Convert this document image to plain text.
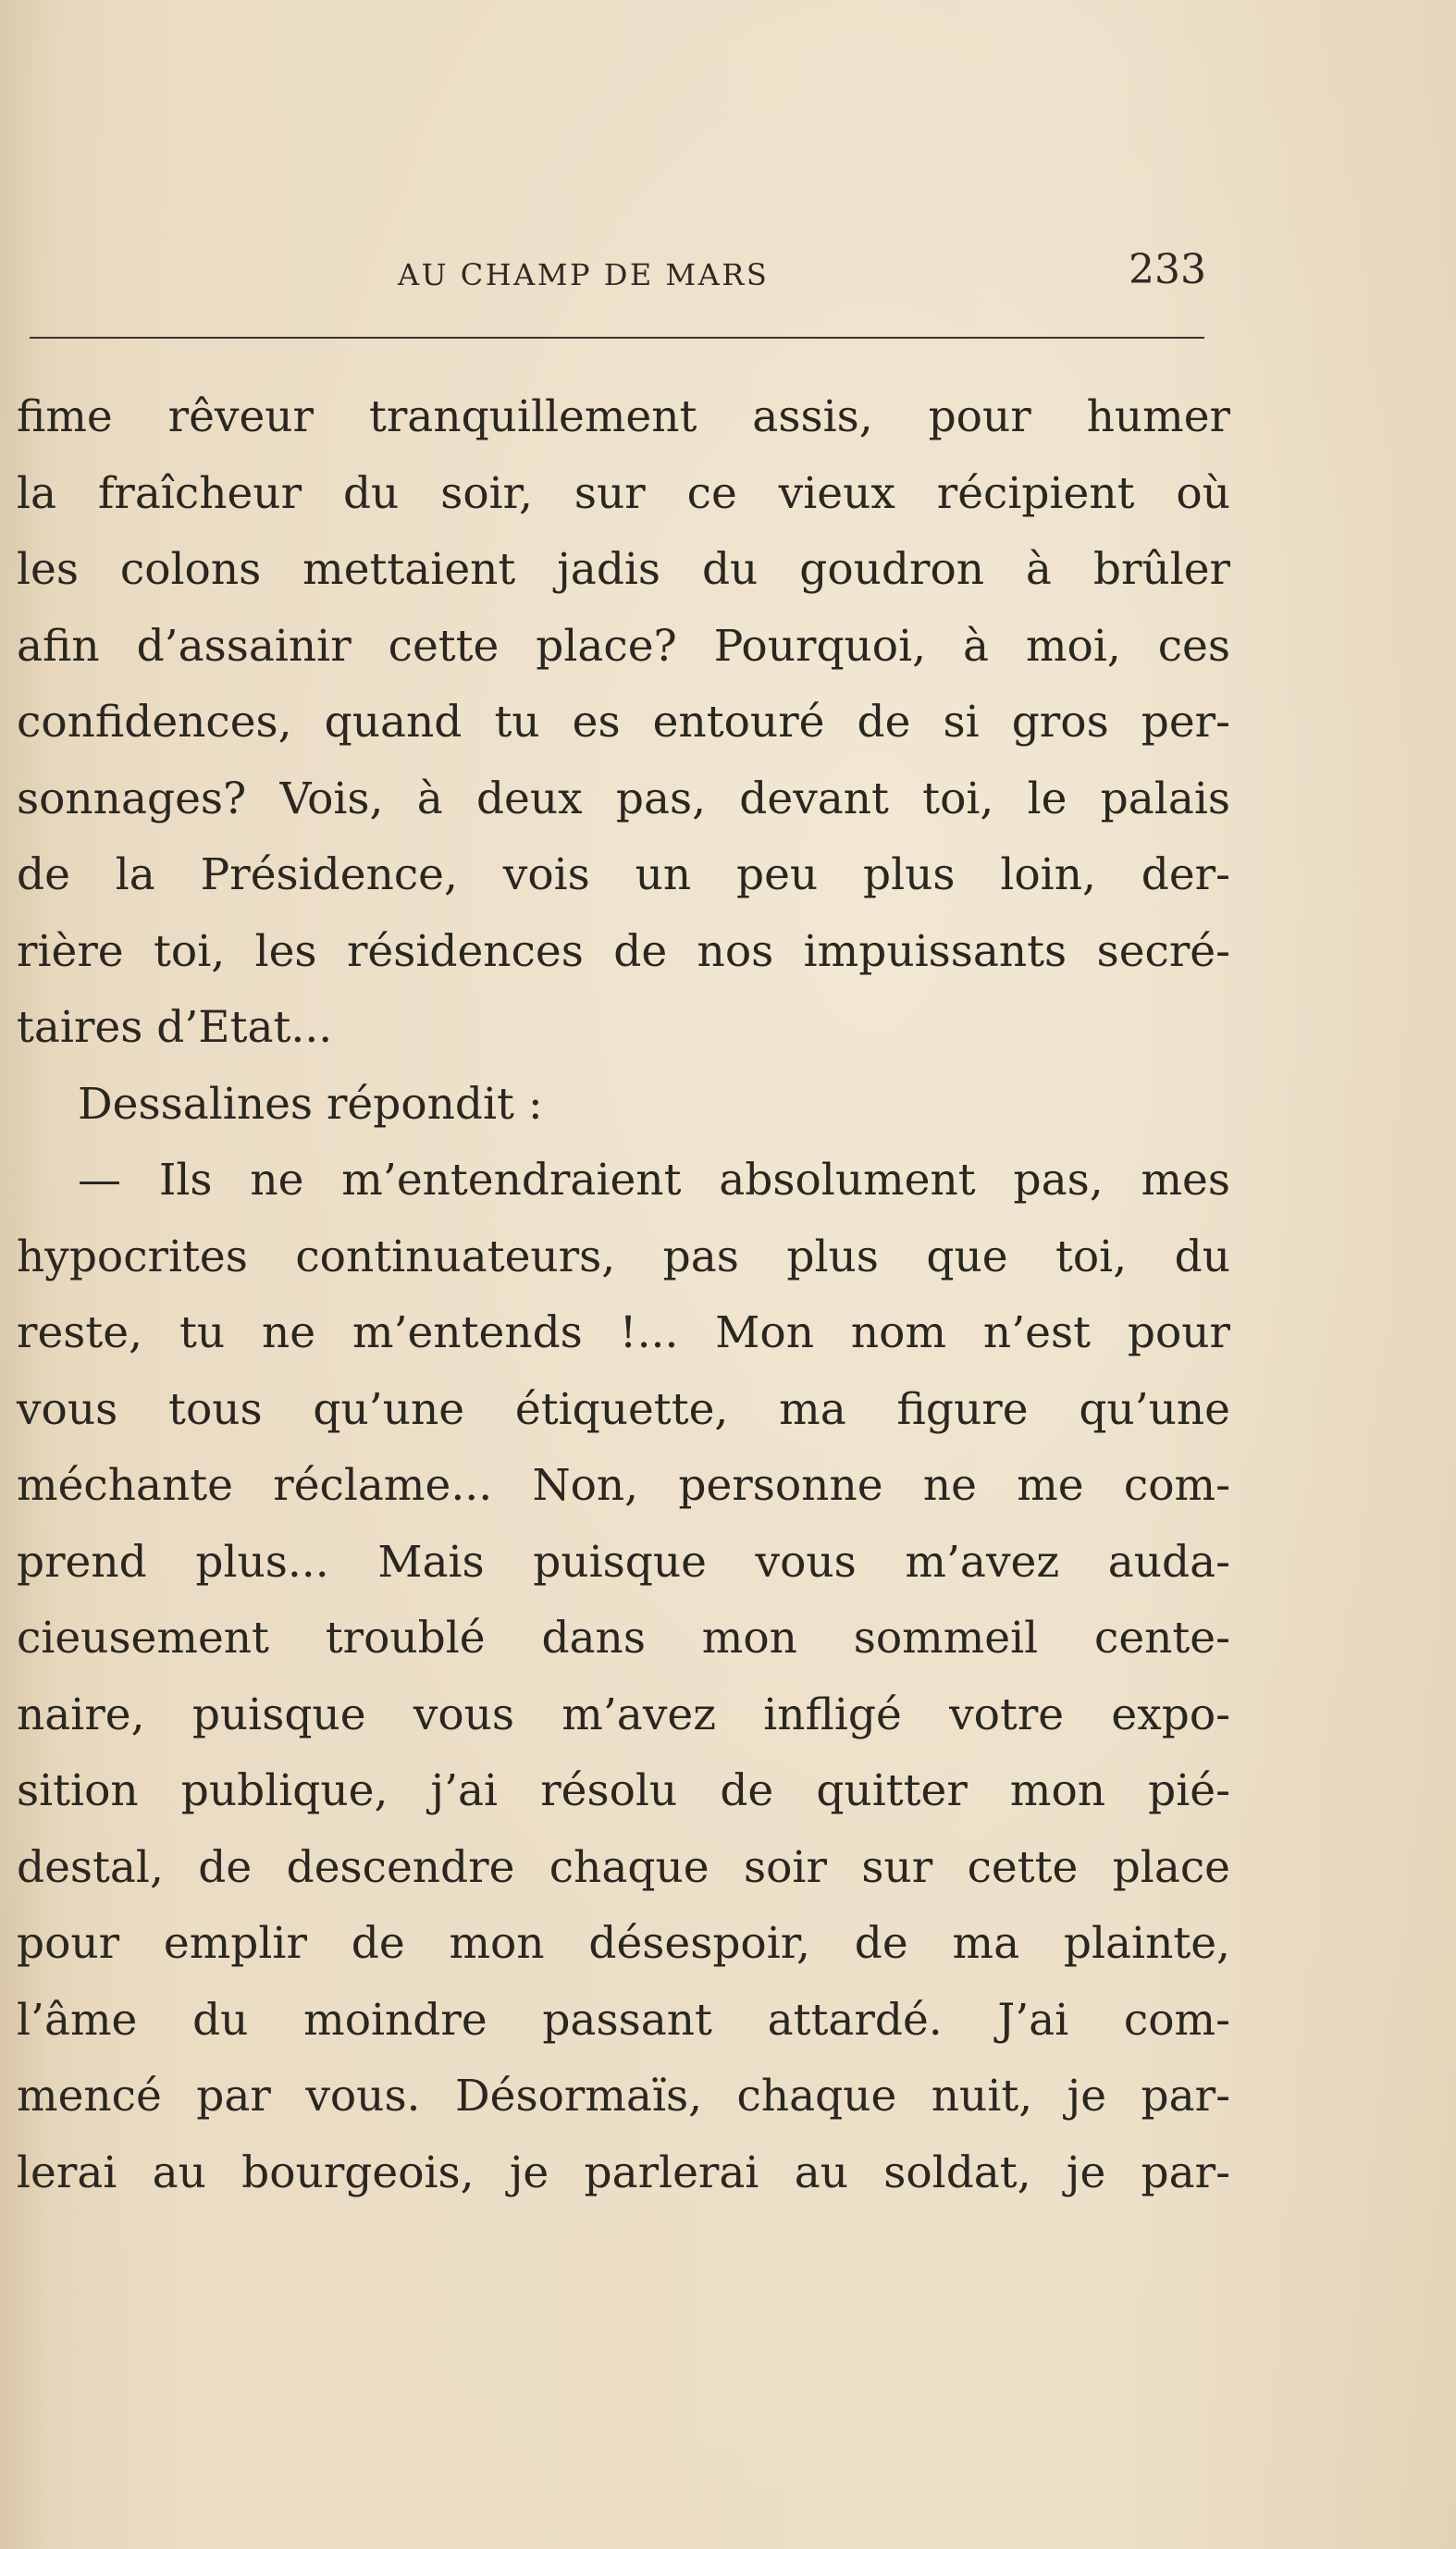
AU CHAMP DE MARS	233
fime rêveur tranquillement assis, pour humer
la fraîcheur du soir, sur ce vieux récipient où
les colons mettaient jadis du goudron à brûler
afin d’assainir cette place? Pourquoi, à moi, ces
confidences, quand tu es entouré de si gros per-
sonnages? Vois, à deux pas, devant toi, le palais
de la Présidence, vois un peu plus loin, der-
rière toi, les résidences de nos impuissants secré-
taires d’Etat...
Dessalines répondit :
— Ils ne m’entendraient absolument pas, mes
hypocrites continuateurs, pas plus que toi, du
reste, tu ne m’entends !... Mon nom n’est pour
vous tous qu’une étiquette, ma figure qu’une
méchante réclame... Non, personne ne me com-
prend plus... Mais puisque vous m’avez auda-
cieusement troublé dans mon sommeil cente-
naire, puisque vous m’avez infligé votre expo-
sition publique, j’ai résolu de quitter mon pié-
destal, de descendre chaque soir sur cette place
pour emplir de mon désespoir, de ma plainte,
l’âme du moindre passant attardé. J’ai com-
mencé par vous. Désormaïs, chaque nuit, je par-
lerai au bourgeois, je parlerai au soldat, je par-
